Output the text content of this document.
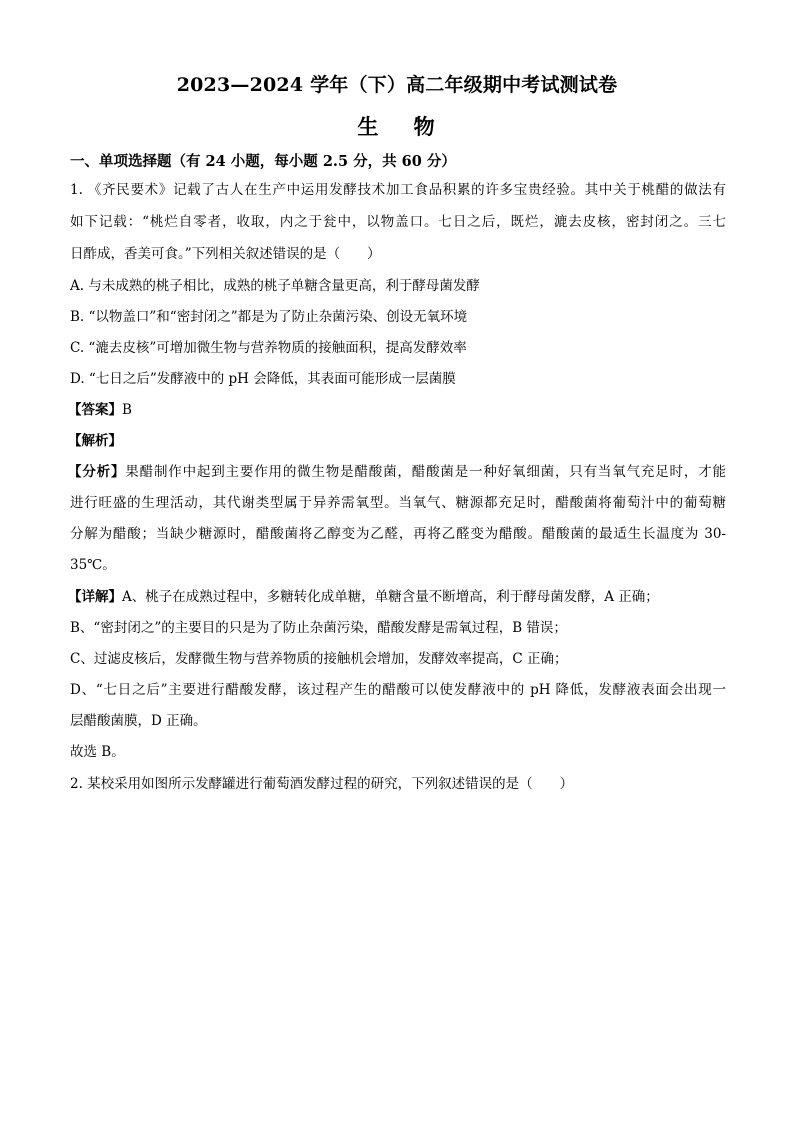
2023—2024 学年（下）高二年级期中考试测试卷
生 物
一、单项选择题（有 24 小题，每小题 2.5 分，共 60 分）
1. 《齐民要术》记载了古人在生产中运用发酵技术加工食品积累的许多宝贵经验。其中关于桃醋的做法有
如下记载：“桃烂自零者，收取，内之于瓮中，以物盖口。七日之后，既烂，漉去皮核，密封闭之。三七
日酢成，香美可食。”下列相关叙述错误的是（　　）
A. 与未成熟的桃子相比，成熟的桃子单糖含量更高，利于酵母菌发酵
B. “以物盖口”和“密封闭之”都是为了防止杂菌污染、创设无氧环境
C. “漉去皮核”可增加微生物与营养物质的接触面积，提高发酵效率
D. “七日之后”发酵液中的 pH 会降低，其表面可能形成一层菌膜
【答案】B
【解析】
【分析】果醋制作中起到主要作用的微生物是醋酸菌，醋酸菌是一种好氧细菌，只有当氧气充足时，才能
进行旺盛的生理活动，其代谢类型属于异养需氧型。当氧气、糖源都充足时，醋酸菌将葡萄汁中的葡萄糖
分解为醋酸；当缺少糖源时，醋酸菌将乙醇变为乙醛，再将乙醛变为醋酸。醋酸菌的最适生长温度为 30-
35℃。
【详解】A、桃子在成熟过程中，多糖转化成单糖，单糖含量不断增高，利于酵母菌发酵，A 正确；
B、“密封闭之”的主要目的只是为了防止杂菌污染，醋酸发酵是需氧过程，B 错误；
C、过滤皮核后，发酵微生物与营养物质的接触机会增加，发酵效率提高，C 正确；
D、“七日之后”主要进行醋酸发酵，该过程产生的醋酸可以使发酵液中的 pH 降低，发酵液表面会出现一
层醋酸菌膜，D 正确。
故选 B。
2. 某校采用如图所示发酵罐进行葡萄酒发酵过程的研究，下列叙述错误的是（　　）
